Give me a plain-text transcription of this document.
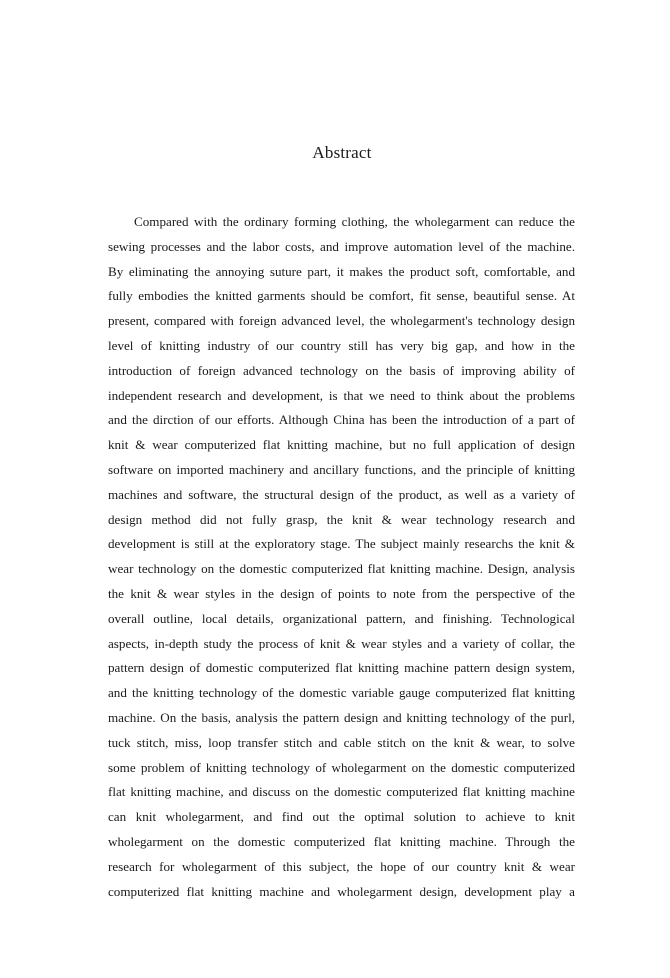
Abstract
Compared with the ordinary forming clothing, the wholegarment can reduce the
sewing processes and the labor costs, and improve automation level of the machine.
By eliminating the annoying suture part, it makes the product soft, comfortable, and
fully embodies the knitted garments should be comfort, fit sense, beautiful sense. At
present, compared with foreign advanced level, the wholegarment's technology design
level of knitting industry of our country still has very big gap, and how in the
introduction of foreign advanced technology on the basis of improving ability of
independent research and development, is that we need to think about the problems
and the dirction of our efforts. Although China has been the introduction of a part of
knit & wear computerized flat knitting machine, but no full application of design
software on imported machinery and ancillary functions, and the principle of knitting
machines and software, the structural design of the product, as well as a variety of
design method did not fully grasp, the knit & wear technology research and
development is still at the exploratory stage. The subject mainly researchs the knit &
wear technology on the domestic computerized flat knitting machine. Design, analysis
the knit & wear styles in the design of points to note from the perspective of the
overall outline, local details, organizational pattern, and finishing. Technological
aspects, in-depth study the process of knit & wear styles and a variety of collar, the
pattern design of domestic computerized flat knitting machine pattern design system,
and the knitting technology of the domestic variable gauge computerized flat knitting
machine. On the basis, analysis the pattern design and knitting technology of the purl,
tuck stitch, miss, loop transfer stitch and cable stitch on the knit & wear, to solve
some problem of knitting technology of wholegarment on the domestic computerized
flat knitting machine, and discuss on the domestic computerized flat knitting machine
can knit wholegarment, and find out the optimal solution to achieve to knit
wholegarment on the domestic computerized flat knitting machine. Through the
research for wholegarment of this subject, the hope of our country knit & wear
computerized flat knitting machine and wholegarment design, development play a
